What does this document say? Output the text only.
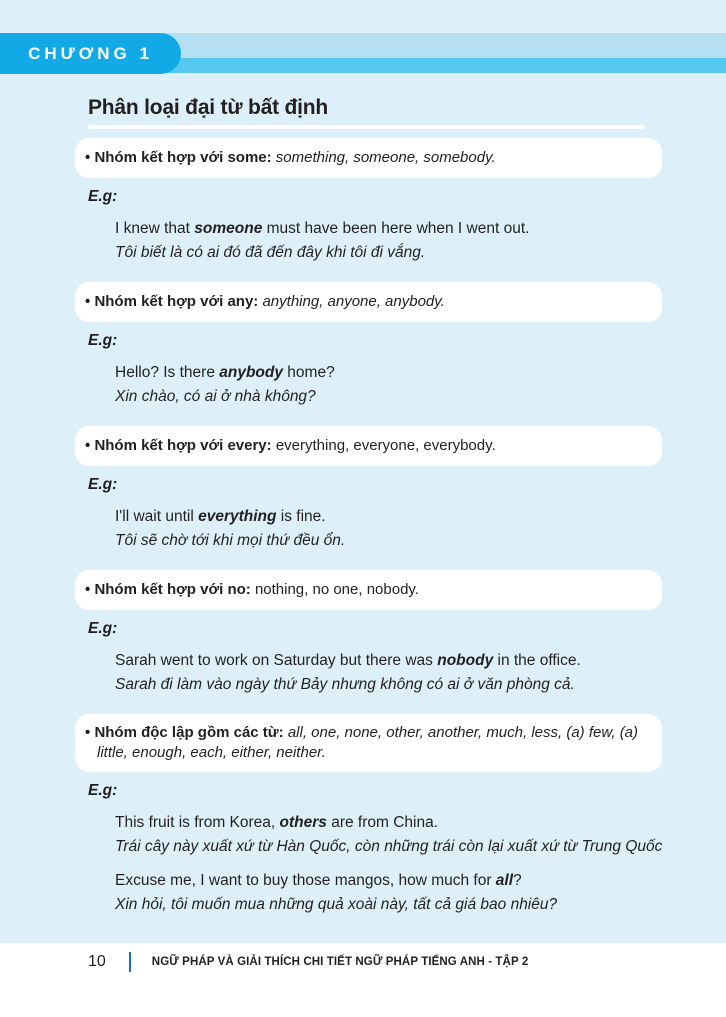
CHƯƠNG 1
Phân loại đại từ bất định

• Nhóm kết hợp với some: something, someone, somebody.

E.g:

I knew that someone must have been here when I went out.

Tôi biết là có ai đó đã đến đây khi tôi đi vắng.

• Nhóm kết hợp với any: anything, anyone, anybody.

E.g:

Hello? Is there anybody home?

Xin chào, có ai ở nhà không?

• Nhóm kết hợp với every: everything, everyone, everybody.

E.g:

I'll wait until everything is fine.

Tôi sẽ chờ tới khi mọi thứ đều ổn.

• Nhóm kết hợp với no: nothing, no one, nobody.

E.g:

Sarah went to work on Saturday but there was nobody in the office.

Sarah đi làm vào ngày thứ Bảy nhưng không có ai ở văn phòng cả.

• Nhóm độc lập gồm các từ: all, one, none, other, another, much, less, (a) few, (a) little, enough, each, either, neither.

E.g:

This fruit is from Korea, others are from China.

Trái cây này xuất xứ từ Hàn Quốc, còn những trái còn lại xuất xứ từ Trung Quốc

Excuse me, I want to buy those mangos, how much for all?

Xin hỏi, tôi muốn mua những quả xoài này, tất cả giá bao nhiêu?

10	NGỮ PHÁP VÀ GIẢI THÍCH CHI TIẾT NGỮ PHÁP TIẾNG ANH - TẬP 2
